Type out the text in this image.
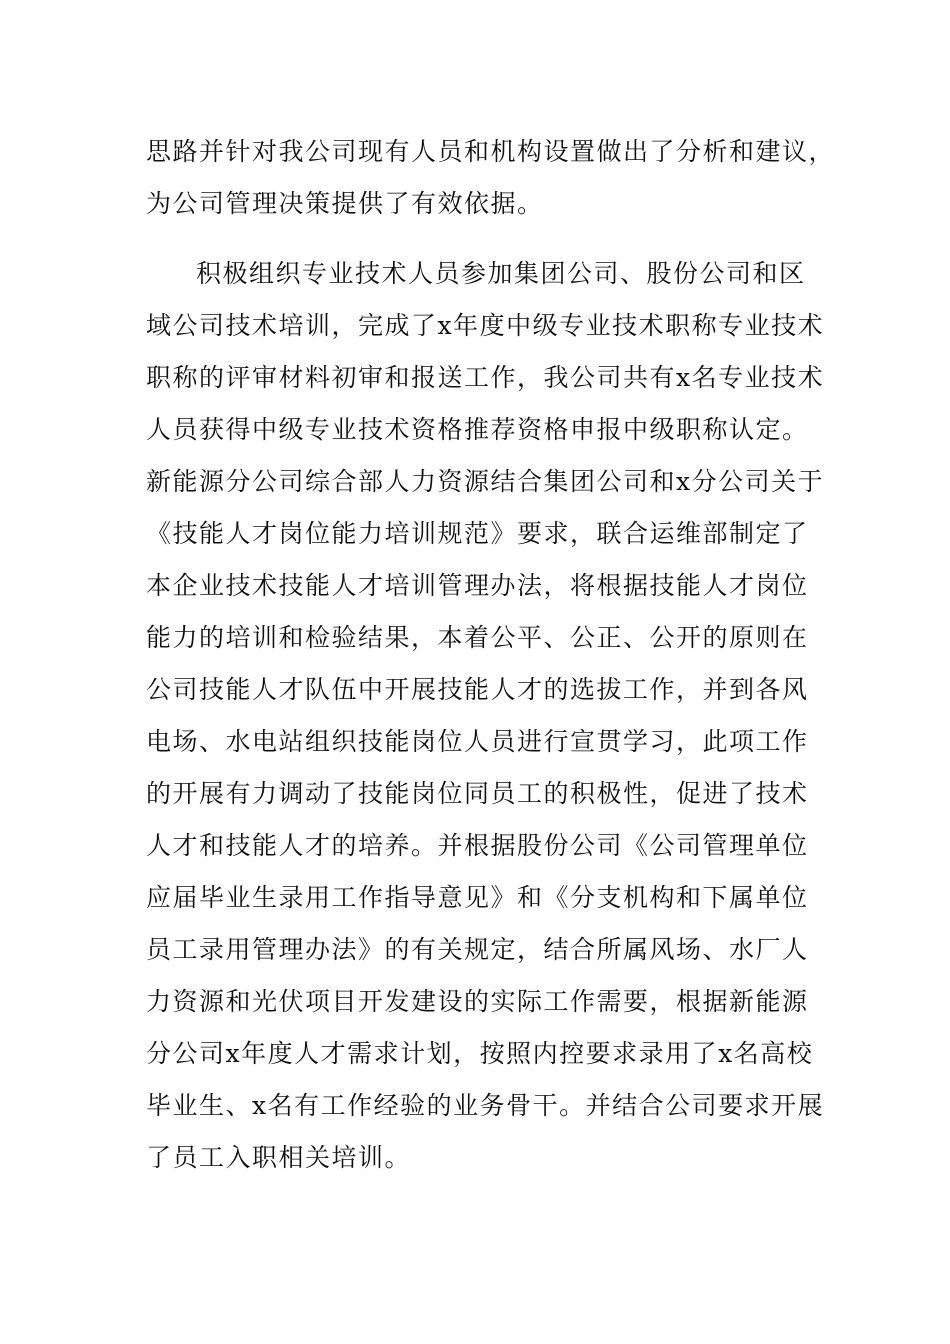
思路并针对我公司现有人员和机构设置做出了分析和建议，
为公司管理决策提供了有效依据。
积极组织专业技术人员参加集团公司、股份公司和区
域公司技术培训，完成了x年度中级专业技术职称专业技术
职称的评审材料初审和报送工作，我公司共有x名专业技术
人员获得中级专业技术资格推荐资格申报中级职称认定。
新能源分公司综合部人力资源结合集团公司和x分公司关于
《技能人才岗位能力培训规范》要求，联合运维部制定了
本企业技术技能人才培训管理办法，将根据技能人才岗位
能力的培训和检验结果，本着公平、公正、公开的原则在
公司技能人才队伍中开展技能人才的选拔工作，并到各风
电场、水电站组织技能岗位人员进行宣贯学习，此项工作
的开展有力调动了技能岗位同员工的积极性，促进了技术
人才和技能人才的培养。并根据股份公司《公司管理单位
应届毕业生录用工作指导意见》和《分支机构和下属单位
员工录用管理办法》的有关规定，结合所属风场、水厂人
力资源和光伏项目开发建设的实际工作需要，根据新能源
分公司x年度人才需求计划，按照内控要求录用了x名高校
毕业生、x名有工作经验的业务骨干。并结合公司要求开展
了员工入职相关培训。
